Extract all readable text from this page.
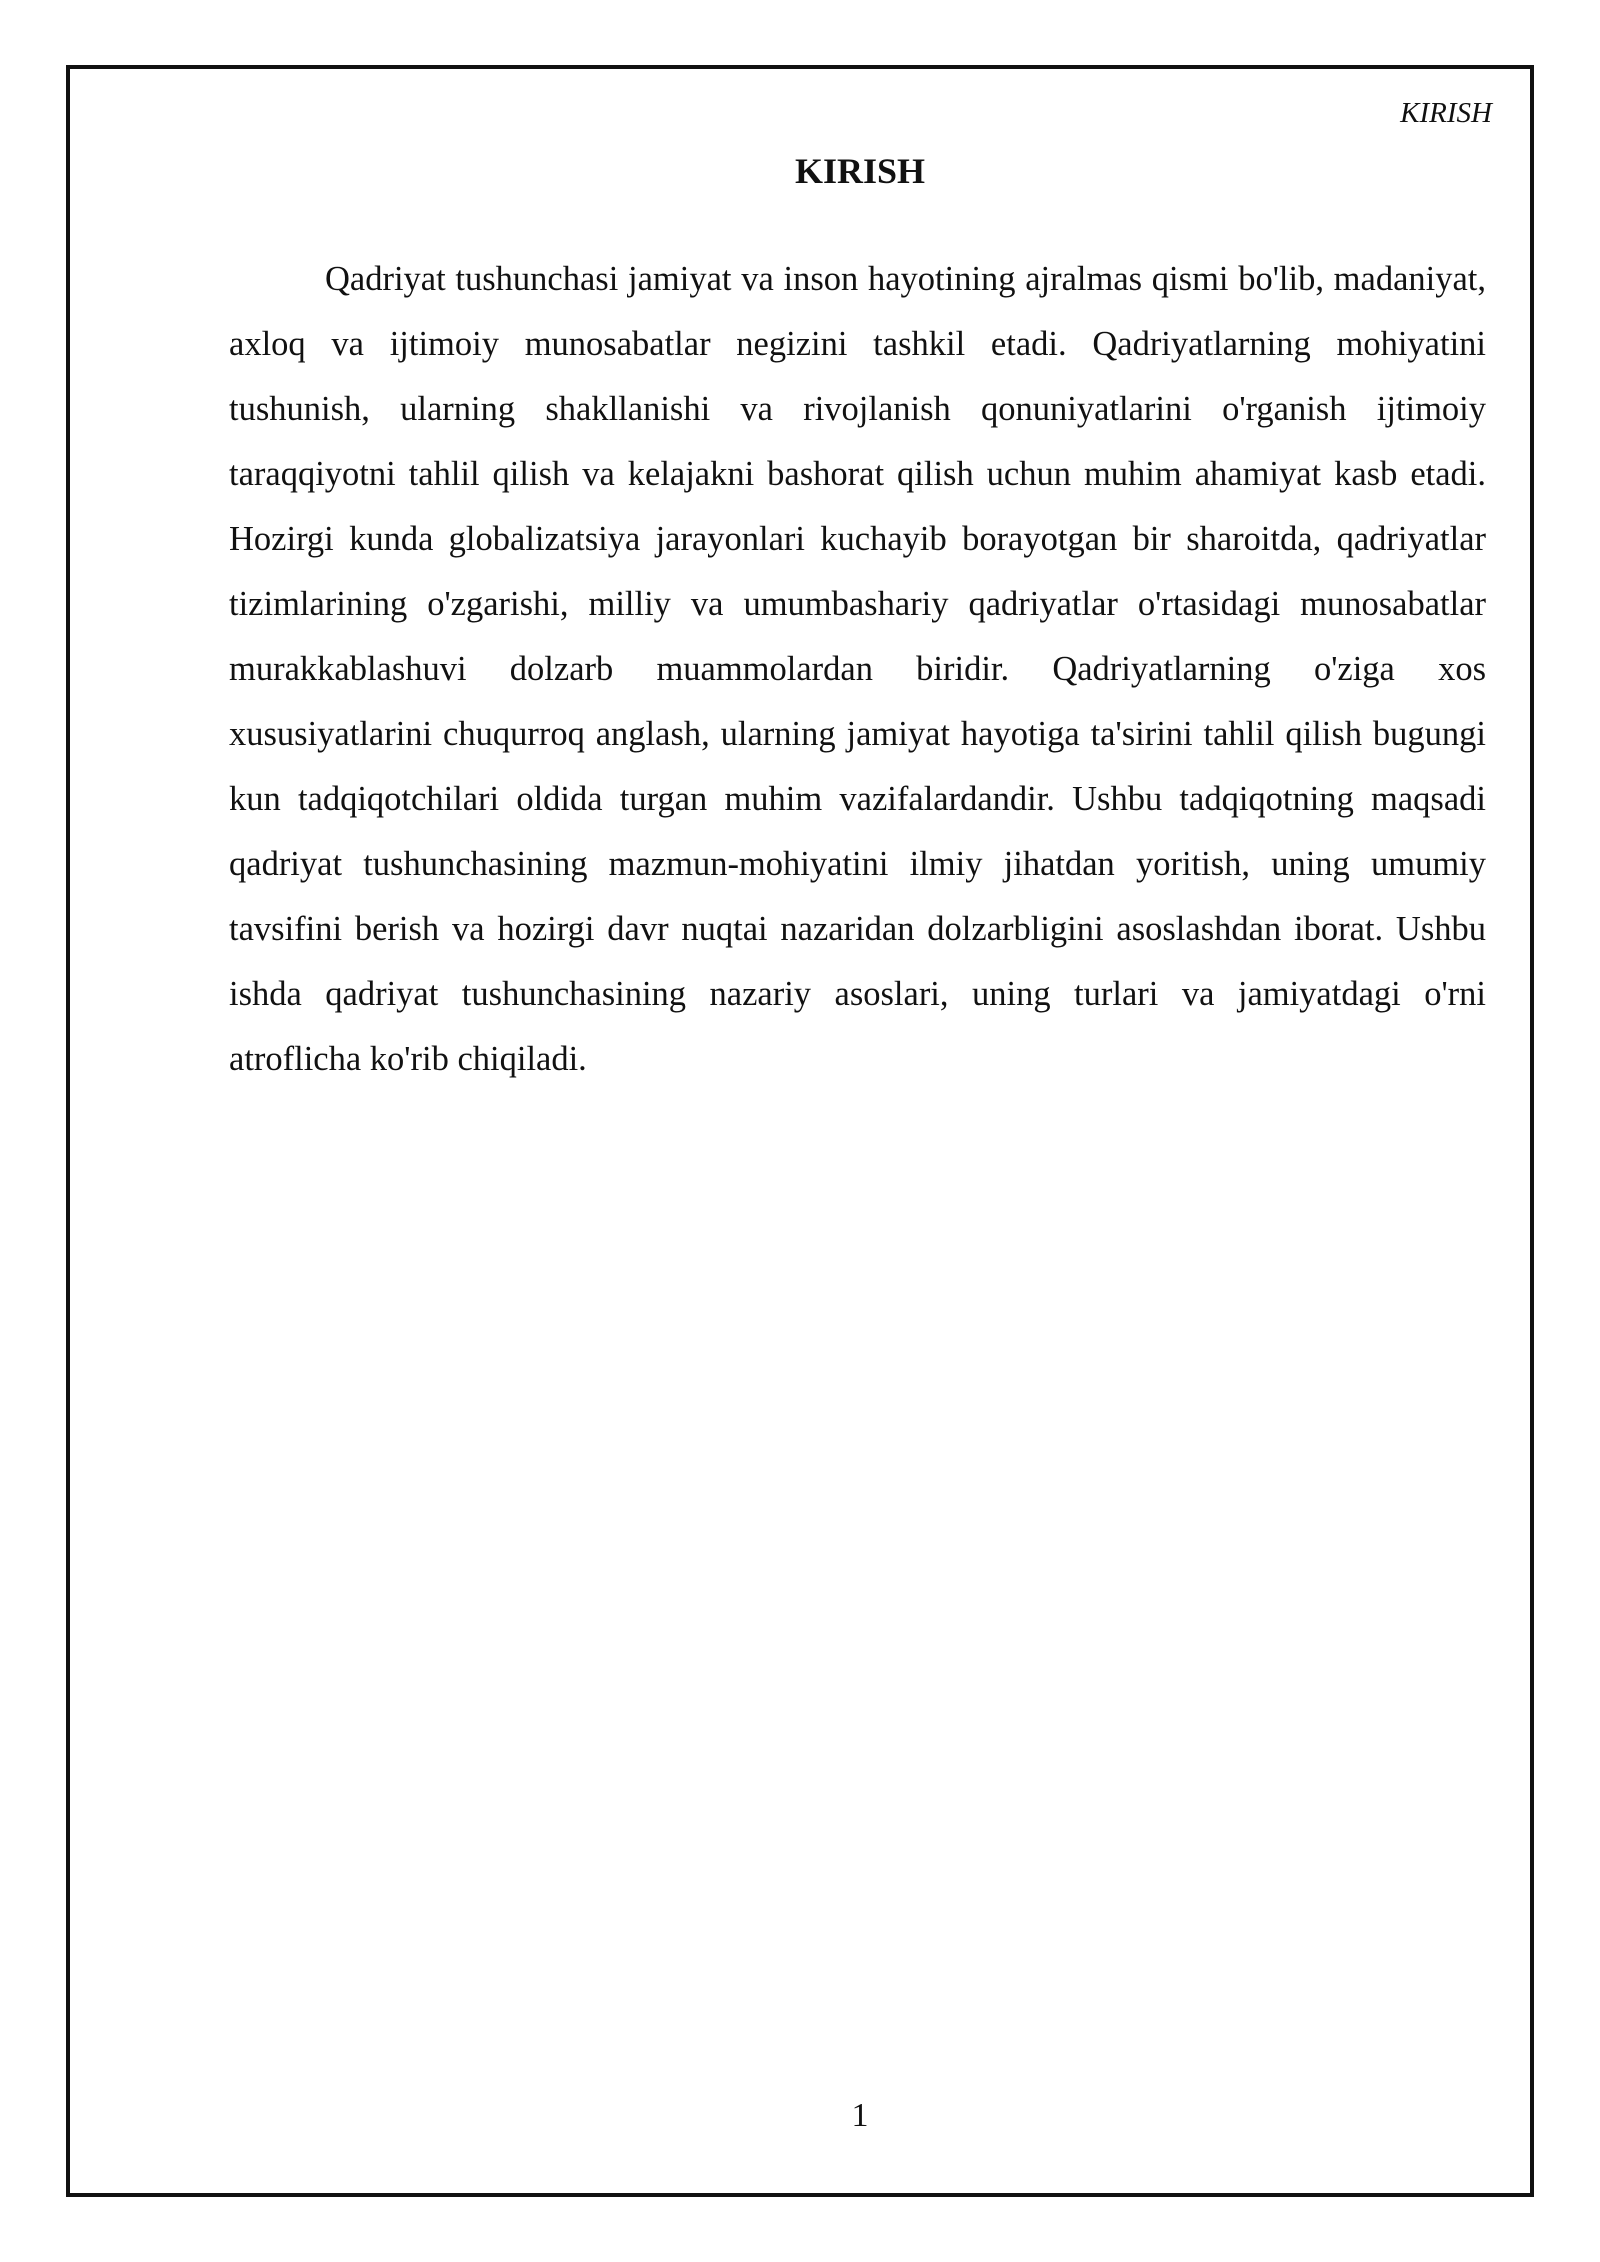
KIRISH
KIRISH

Qadriyat tushunchasi jamiyat va inson hayotining ajralmas qismi bo'lib, madaniyat, axloq va ijtimoiy munosabatlar negizini tashkil etadi. Qadriyatlarning mohiyatini tushunish, ularning shakllanishi va rivojlanish qonuniyatlarini o'rganish ijtimoiy taraqqiyotni tahlil qilish va kelajakni bashorat qilish uchun muhim ahamiyat kasb etadi. Hozirgi kunda globalizatsiya jarayonlari kuchayib borayotgan bir sharoitda, qadriyatlar tizimlarining o'zgarishi, milliy va umumbashariy qadriyatlar o'rtasidagi munosabatlar murakkablashuvi dolzarb muammolardan biridir. Qadriyatlarning o'ziga xos xususiyatlarini chuqurroq anglash, ularning jamiyat hayotiga ta'sirini tahlil qilish bugungi kun tadqiqotchilari oldida turgan muhim vazifalardandir. Ushbu tadqiqotning maqsadi qadriyat tushunchasining mazmun-mohiyatini ilmiy jihatdan yoritish, uning umumiy tavsifini berish va hozirgi davr nuqtai nazaridan dolzarbligini asoslashdan iborat. Ushbu ishda qadriyat tushunchasining nazariy asoslari, uning turlari va jamiyatdagi o'rni atroflicha ko'rib chiqiladi.

1
